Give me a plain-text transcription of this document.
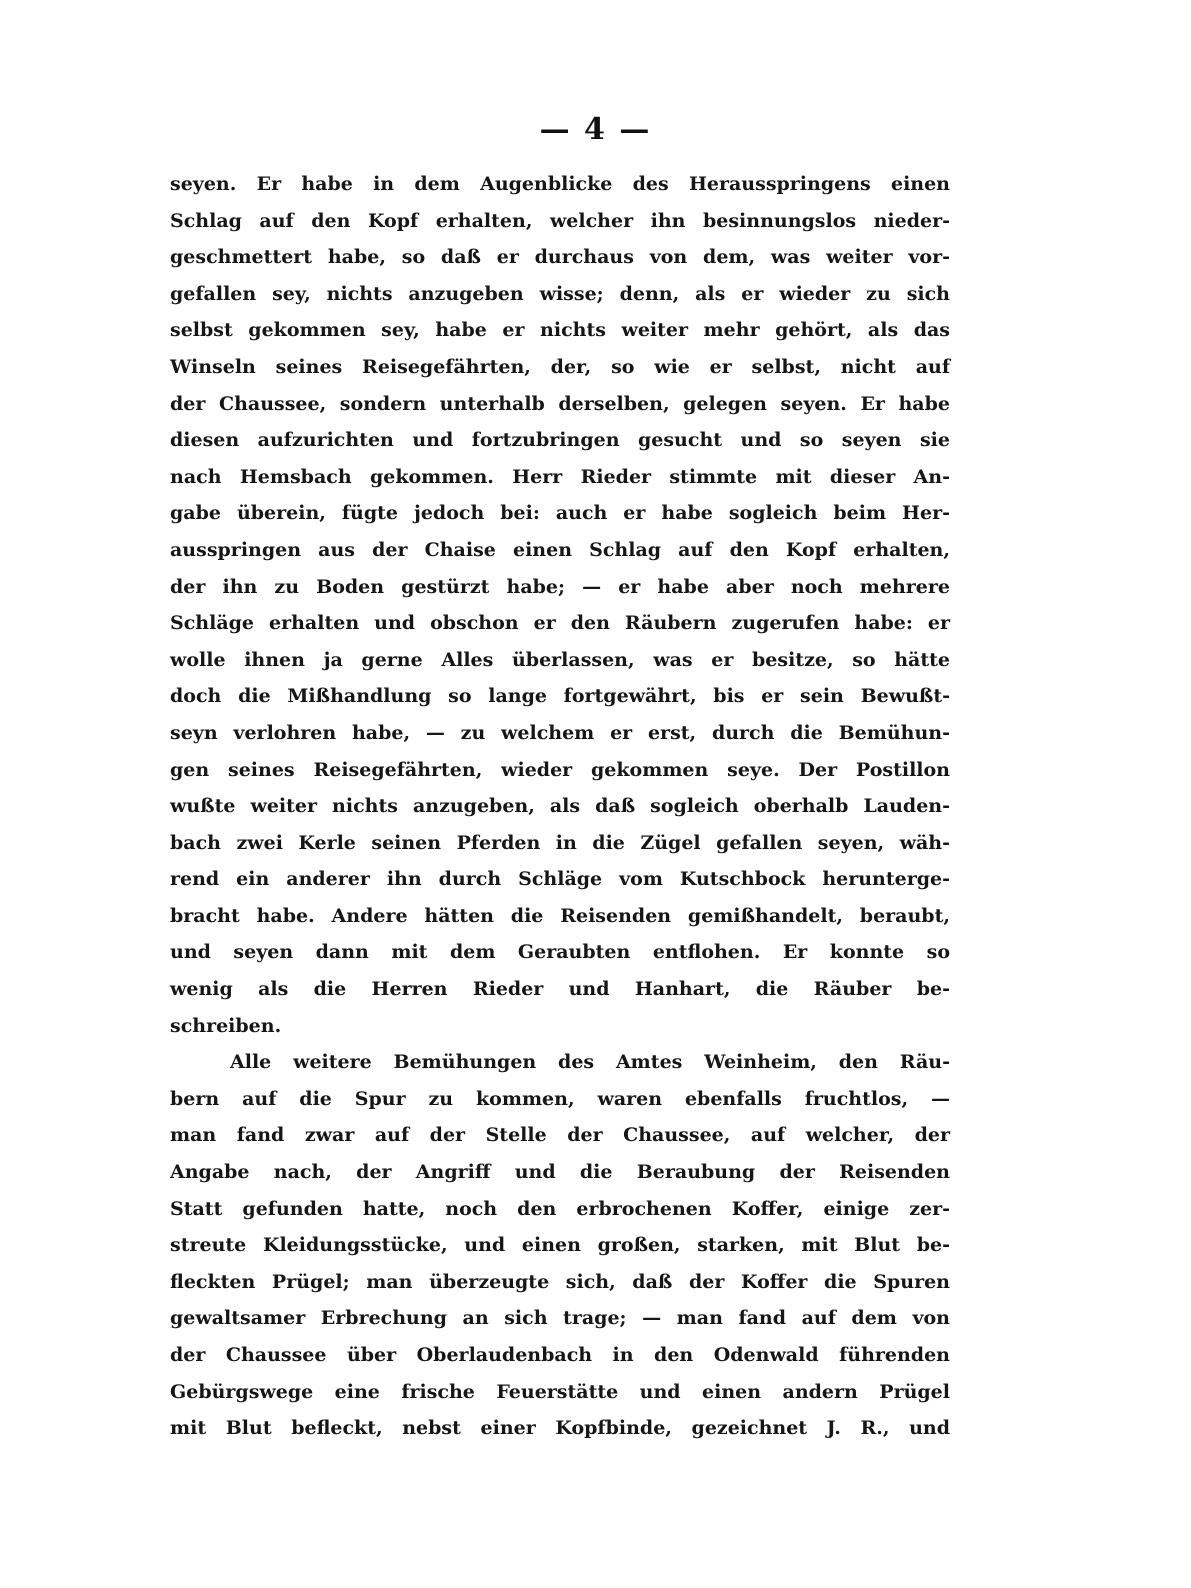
— 4 —
seyen. Er habe in dem Augenblicke des Herausspringens einen
Schlag auf den Kopf erhalten, welcher ihn besinnungslos nieder-
geschmettert habe, so daß er durchaus von dem, was weiter vor-
gefallen sey, nichts anzugeben wisse; denn, als er wieder zu sich
selbst gekommen sey, habe er nichts weiter mehr gehört, als das
Winseln seines Reisegefährten, der, so wie er selbst, nicht auf
der Chaussee, sondern unterhalb derselben, gelegen seyen. Er habe
diesen aufzurichten und fortzubringen gesucht und so seyen sie
nach Hemsbach gekommen. Herr Rieder stimmte mit dieser An-
gabe überein, fügte jedoch bei: auch er habe sogleich beim Her-
ausspringen aus der Chaise einen Schlag auf den Kopf erhalten,
der ihn zu Boden gestürzt habe; — er habe aber noch mehrere
Schläge erhalten und obschon er den Räubern zugerufen habe: er
wolle ihnen ja gerne Alles überlassen, was er besitze, so hätte
doch die Mißhandlung so lange fortgewährt, bis er sein Bewußt-
seyn verlohren habe, — zu welchem er erst, durch die Bemühun-
gen seines Reisegefährten, wieder gekommen seye. Der Postillon
wußte weiter nichts anzugeben, als daß sogleich oberhalb Lauden-
bach zwei Kerle seinen Pferden in die Zügel gefallen seyen, wäh-
rend ein anderer ihn durch Schläge vom Kutschbock herunterge-
bracht habe. Andere hätten die Reisenden gemißhandelt, beraubt,
und seyen dann mit dem Geraubten entflohen. Er konnte so
wenig als die Herren Rieder und Hanhart, die Räuber be-
schreiben.
Alle weitere Bemühungen des Amtes Weinheim, den Räu-
bern auf die Spur zu kommen, waren ebenfalls fruchtlos, —
man fand zwar auf der Stelle der Chaussee, auf welcher, der
Angabe nach, der Angriff und die Beraubung der Reisenden
Statt gefunden hatte, noch den erbrochenen Koffer, einige zer-
streute Kleidungsstücke, und einen großen, starken, mit Blut be-
fleckten Prügel; man überzeugte sich, daß der Koffer die Spuren
gewaltsamer Erbrechung an sich trage; — man fand auf dem von
der Chaussee über Oberlaudenbach in den Odenwald führenden
Gebürgswege eine frische Feuerstätte und einen andern Prügel
mit Blut befleckt, nebst einer Kopfbinde, gezeichnet J. R., und
